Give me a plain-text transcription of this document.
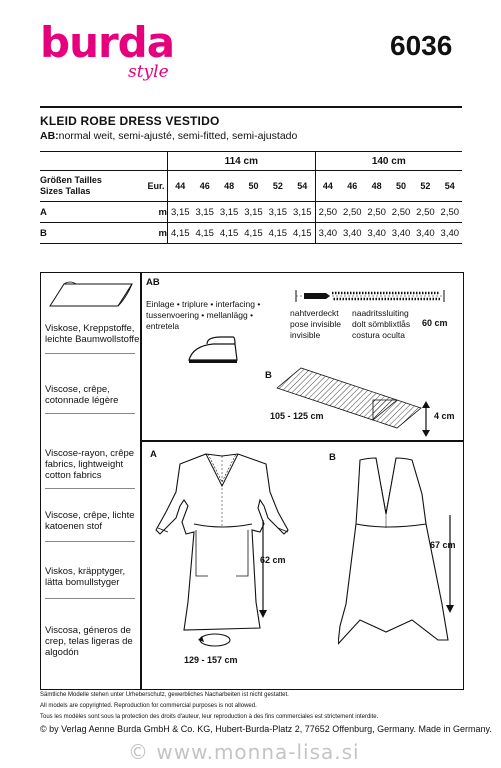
burda
style
6036
KLEID ROBE DRESS VESTIDO
AB:normal weit, semi-ajusté, semi-fitted, semi-ajustado
		114 cm						140 cm					
Größen Tailles
Sizes Tallas	Eur.	44	46	48	50	52	54	44	46	48	50	52	54
A	m	3,15	3,15	3,15	3,15	3,15	3,15	2,50	2,50	2,50	2,50	2,50	2,50
B	m	4,15	4,15	4,15	4,15	4,15	4,15	3,40	3,40	3,40	3,40	3,40	3,40
Viskose, Kreppstoffe,
leichte Baumwollstoffe
Viscose, crêpe,
cotonnade légère
Viscose-rayon, crêpe
fabrics, lightweight
cotton fabrics
Viscose, crêpe, lichte
katoenen stof
Viskos, kräpptyger,
lätta bomullstyger
Viscosa, géneros de
crep, telas ligeras de
algodón
AB
Einlage • triplure • interfacing •
tussenvoering • mellanlägg •
entretela
nahtverdeckt
pose invisible
invisible
naadritssluiting
dolt sömblixtlås
costura oculta
60 cm
B
105 - 125 cm	4 cm
A
62 cm
129 - 157 cm
B
67 cm
Sämtliche Modelle stehen unter Urheberschutz, gewerbliches Nacharbeiten ist nicht gestattet.
All models are copyrighted. Reproduction for commercial purposes is not allowed.
Tous les modèles sont sous la protection des droits d'auteur, leur reproduction à des fins commerciales est strictement interdite.
© by Verlag Aenne Burda GmbH & Co. KG, Hubert-Burda-Platz 2, 77652 Offenburg, Germany. Made in Germany.
© www.monna-lisa.si
